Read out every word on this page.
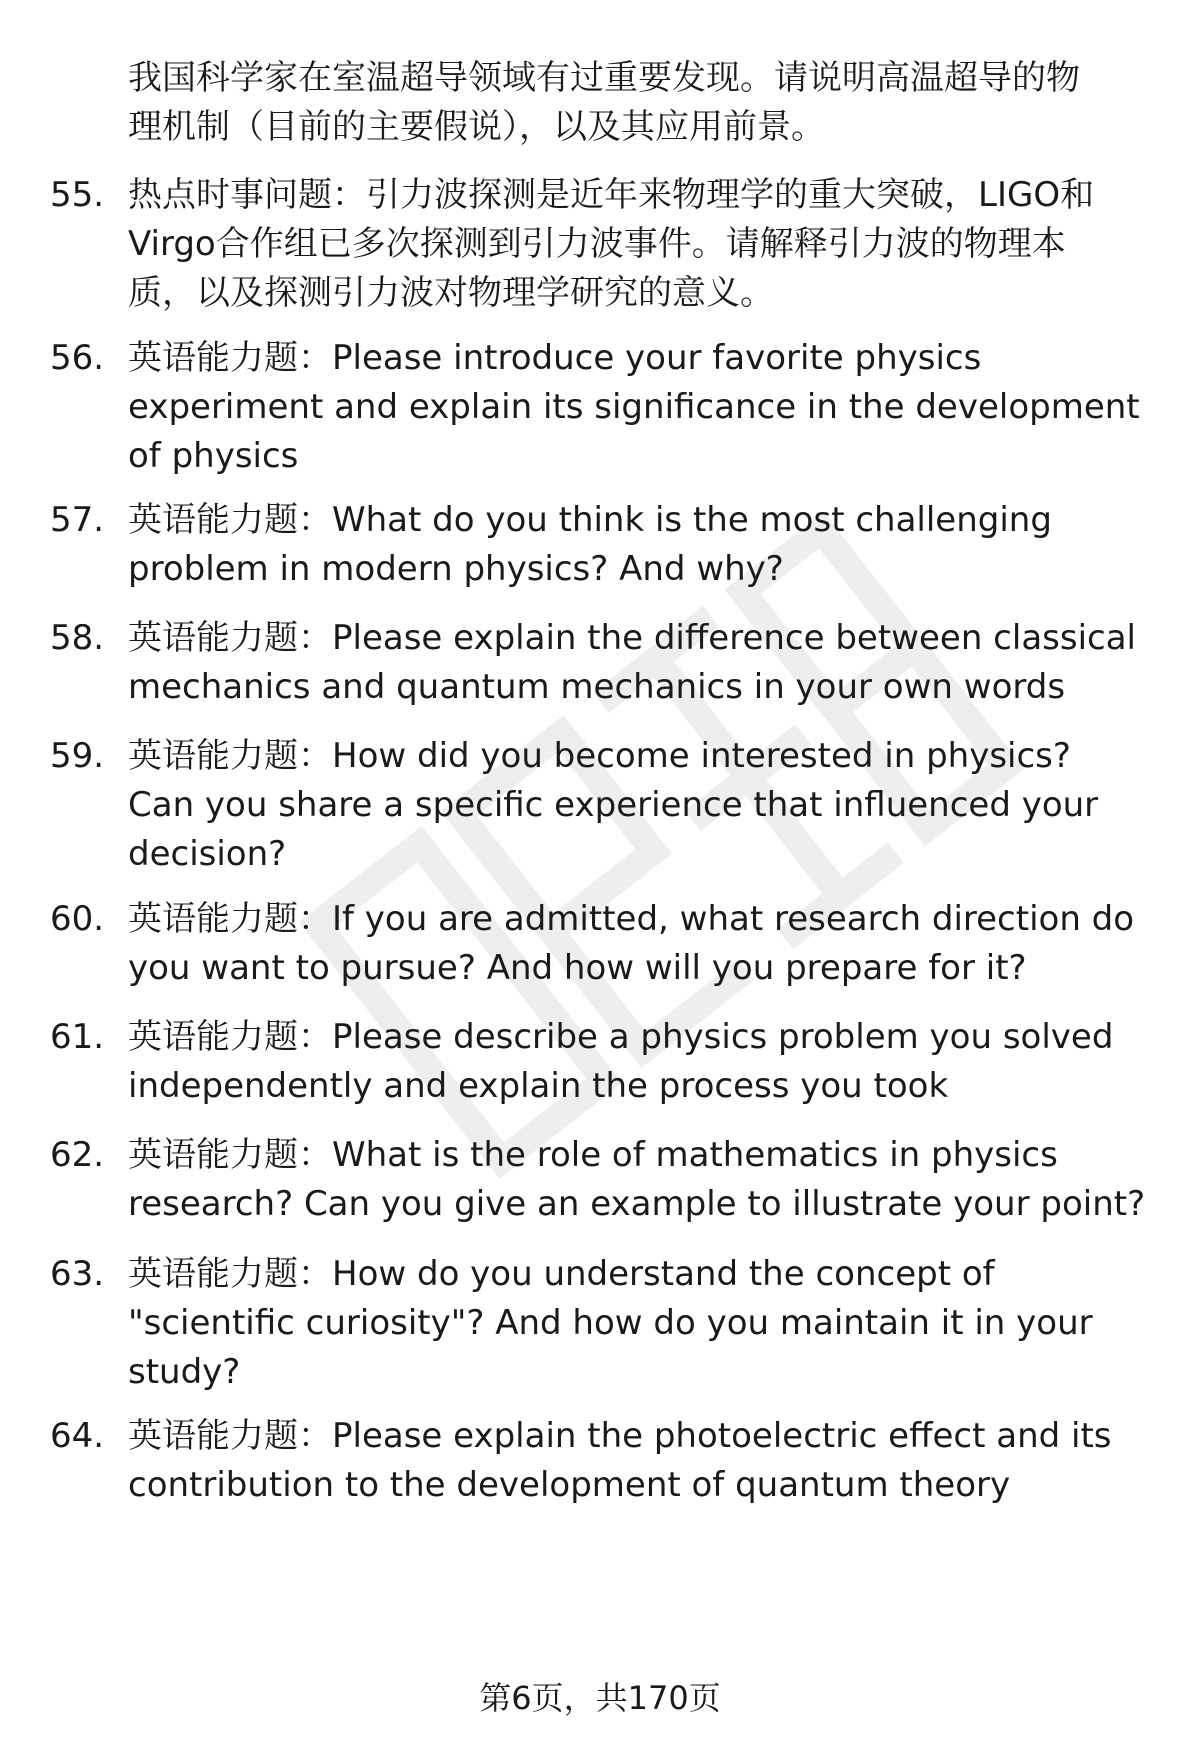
我国科学家在室温超导领域有过重要发现。请说明高温超导的物
理机制（目前的主要假说），以及其应用前景。
55. 热点时事问题：引力波探测是近年来物理学的重大突破，LIGO和
Virgo合作组已多次探测到引力波事件。请解释引力波的物理本
质，以及探测引力波对物理学研究的意义。
56. 英语能力题：Please introduce your favorite physics
experiment and explain its significance in the development
of physics
57. 英语能力题：What do you think is the most challenging
problem in modern physics? And why?
58. 英语能力题：Please explain the difference between classical
mechanics and quantum mechanics in your own words
59. 英语能力题：How did you become interested in physics?
Can you share a specific experience that influenced your
decision?
60. 英语能力题：If you are admitted, what research direction do
you want to pursue? And how will you prepare for it?
61. 英语能力题：Please describe a physics problem you solved
independently and explain the process you took
62. 英语能力题：What is the role of mathematics in physics
research? Can you give an example to illustrate your point?
63. 英语能力题：How do you understand the concept of
"scientific curiosity"? And how do you maintain it in your
study?
64. 英语能力题：Please explain the photoelectric effect and its
contribution to the development of quantum theory
第6页，共170页
